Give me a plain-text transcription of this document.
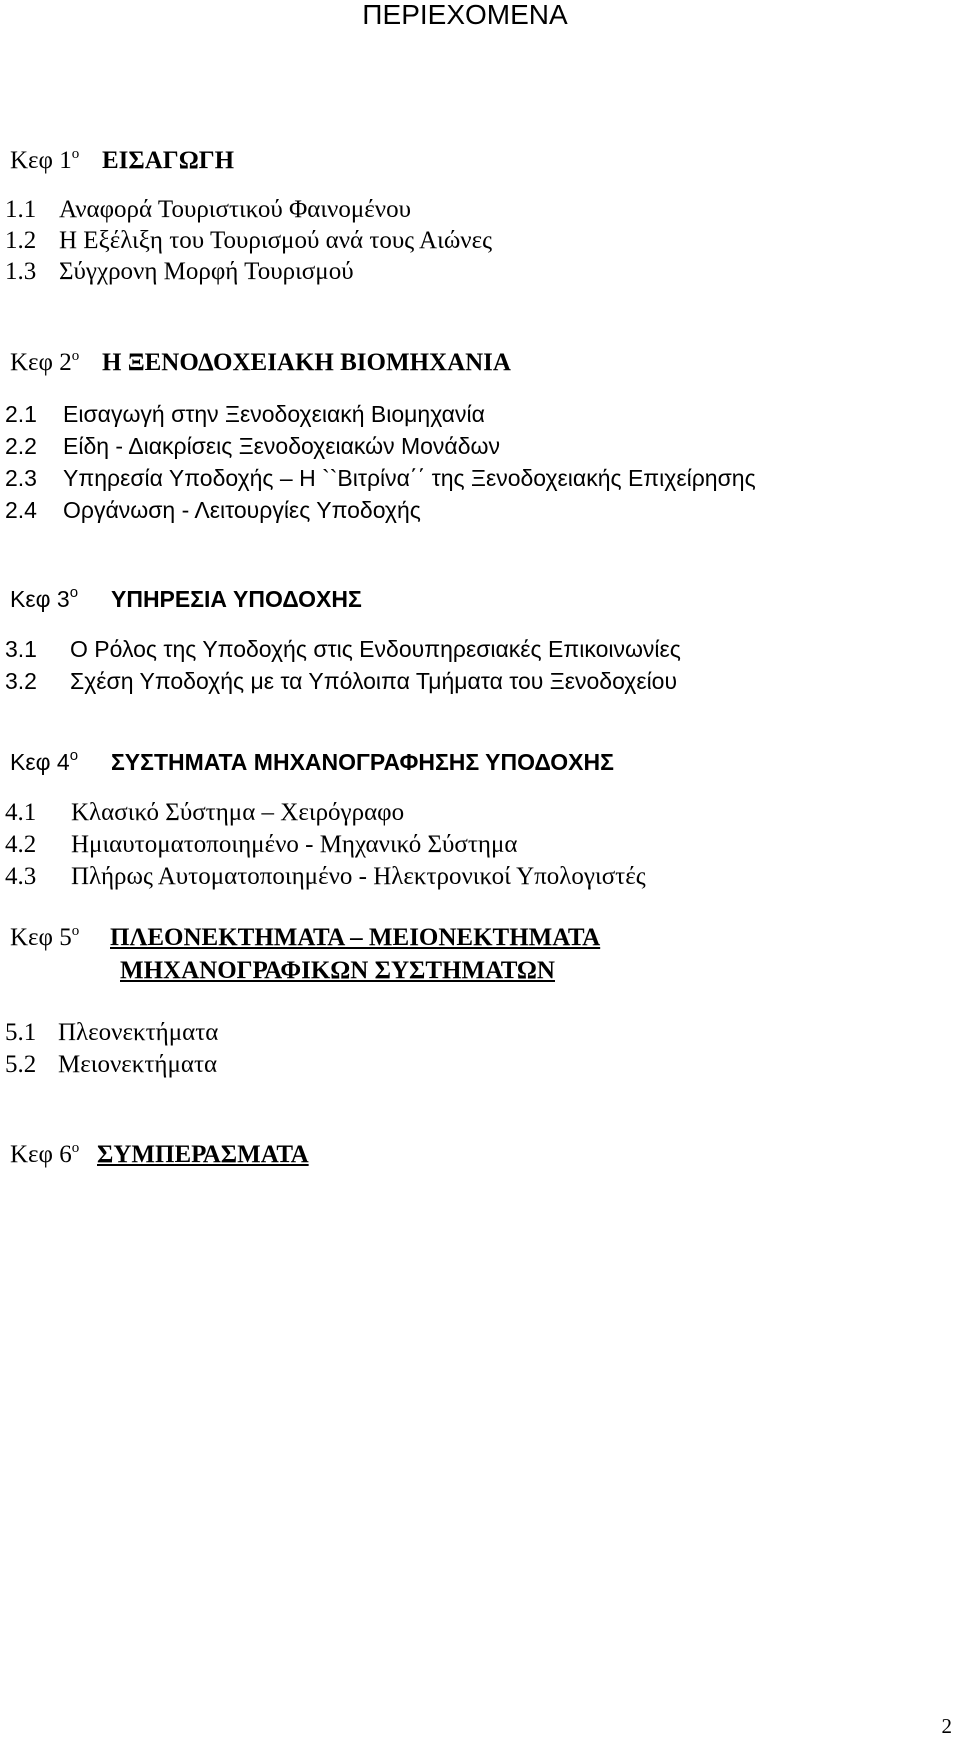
ΠΕΡΙΕΧΟΜΕΝΑ
Κεφ $1^o$ ΕΙΣΑΓΩΓΗ
1.1 Αναφορά Τουριστικού Φαινομένου
1.2 Η Εξέλιξη του Τουρισμού ανά τους Αιώνες
1.3 Σύγχρονη Μορφή Τουρισμού
Κεφ $2^o$ Η ΞΕΝΟΔΟΧΕΙΑΚΗ ΒΙΟΜΗΧΑΝΙΑ
2.1 Εισαγωγή στην Ξενοδοχειακή Βιομηχανία
2.2 Είδη - Διακρίσεις Ξενοδοχειακών Μονάδων
2.3 Υπηρεσία Υποδοχής – Η ``Βιτρίνα΄΄ της Ξενοδοχειακής Επιχείρησης
2.4 Οργάνωση - Λειτουργίες Υποδοχής
Κεφ $3^o$ ΥΠΗΡΕΣΙΑ ΥΠΟΔΟΧΗΣ
3.1 Ο Ρόλος της Υποδοχής στις Ενδουπηρεσιακές Επικοινωνίες
3.2 Σχέση Υποδοχής με τα Υπόλοιπα Τμήματα του Ξενοδοχείου
Κεφ $4^o$ ΣΥΣΤΗΜΑΤΑ ΜΗΧΑΝΟΓΡΑΦΗΣΗΣ ΥΠΟΔΟΧΗΣ
4.1 Κλασικό Σύστημα – Χειρόγραφο
4.2 Ημιαυτοματοποιημένο - Μηχανικό Σύστημα
4.3 Πλήρως Αυτοματοποιημένο - Ηλεκτρονικοί Υπολογιστές
Κεφ $5^o$ ΠΛΕΟΝΕΚΤΗΜΑΤΑ – ΜΕΙΟΝΕΚΤΗΜΑΤΑ
ΜΗΧΑΝΟΓΡΑΦΙΚΩΝ ΣΥΣΤΗΜΑΤΩΝ
5.1 Πλεονεκτήματα
5.2 Μειονεκτήματα
Κεφ $6^o$ ΣΥΜΠΕΡΑΣΜΑΤΑ
2
